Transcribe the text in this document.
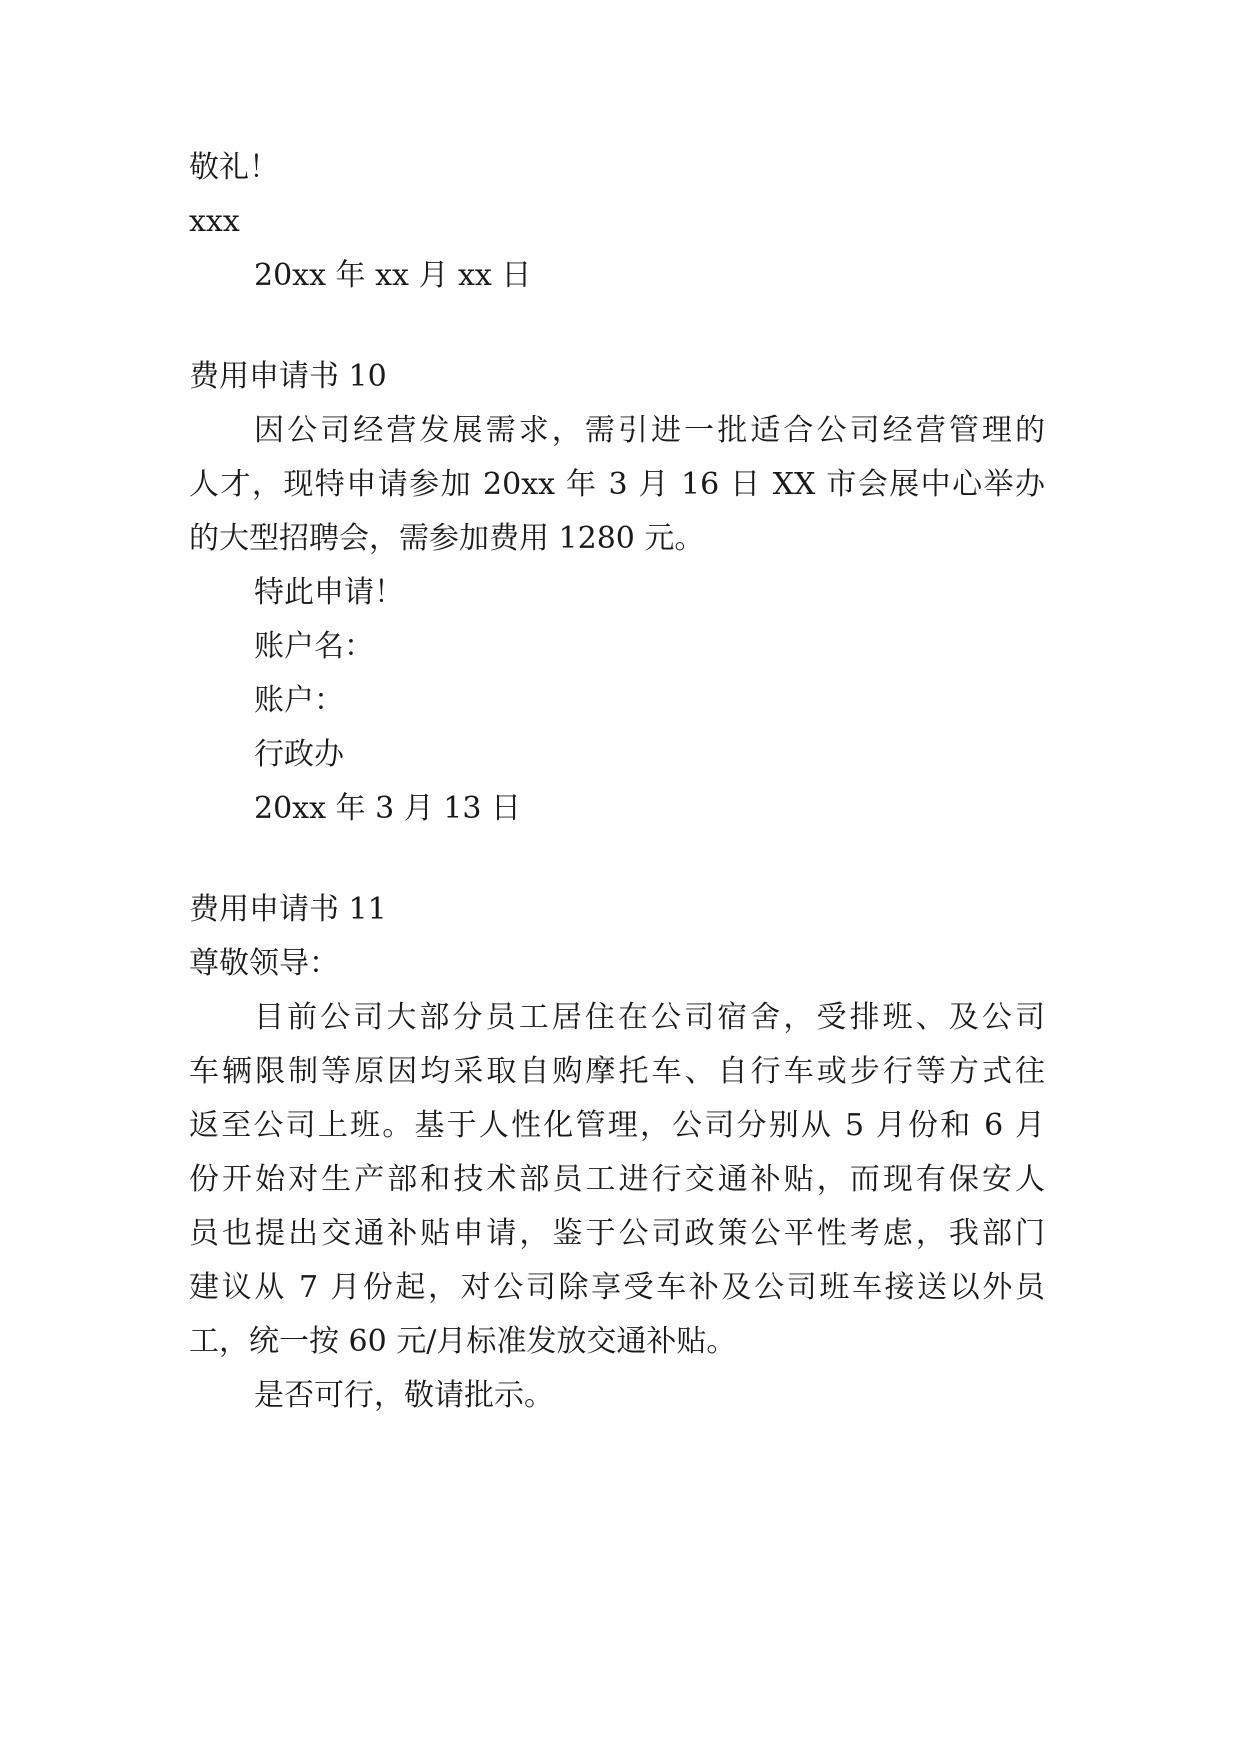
敬礼！
xxx
20xx 年 xx 月 xx 日
费用申请书 10
因公司经营发展需求，需引进一批适合公司经营管理的
人才，现特申请参加 20xx 年 3 月 16 日 XX 市会展中心举办
的大型招聘会，需参加费用 1280 元。
特此申请！
账户名：
账户：
行政办
20xx 年 3 月 13 日
费用申请书 11
尊敬领导：
目前公司大部分员工居住在公司宿舍，受排班、及公司
车辆限制等原因均采取自购摩托车、自行车或步行等方式往
返至公司上班。基于人性化管理，公司分别从 5 月份和 6 月
份开始对生产部和技术部员工进行交通补贴，而现有保安人
员也提出交通补贴申请，鉴于公司政策公平性考虑，我部门
建议从 7 月份起，对公司除享受车补及公司班车接送以外员
工，统一按 60 元/月标准发放交通补贴。
是否可行，敬请批示。
